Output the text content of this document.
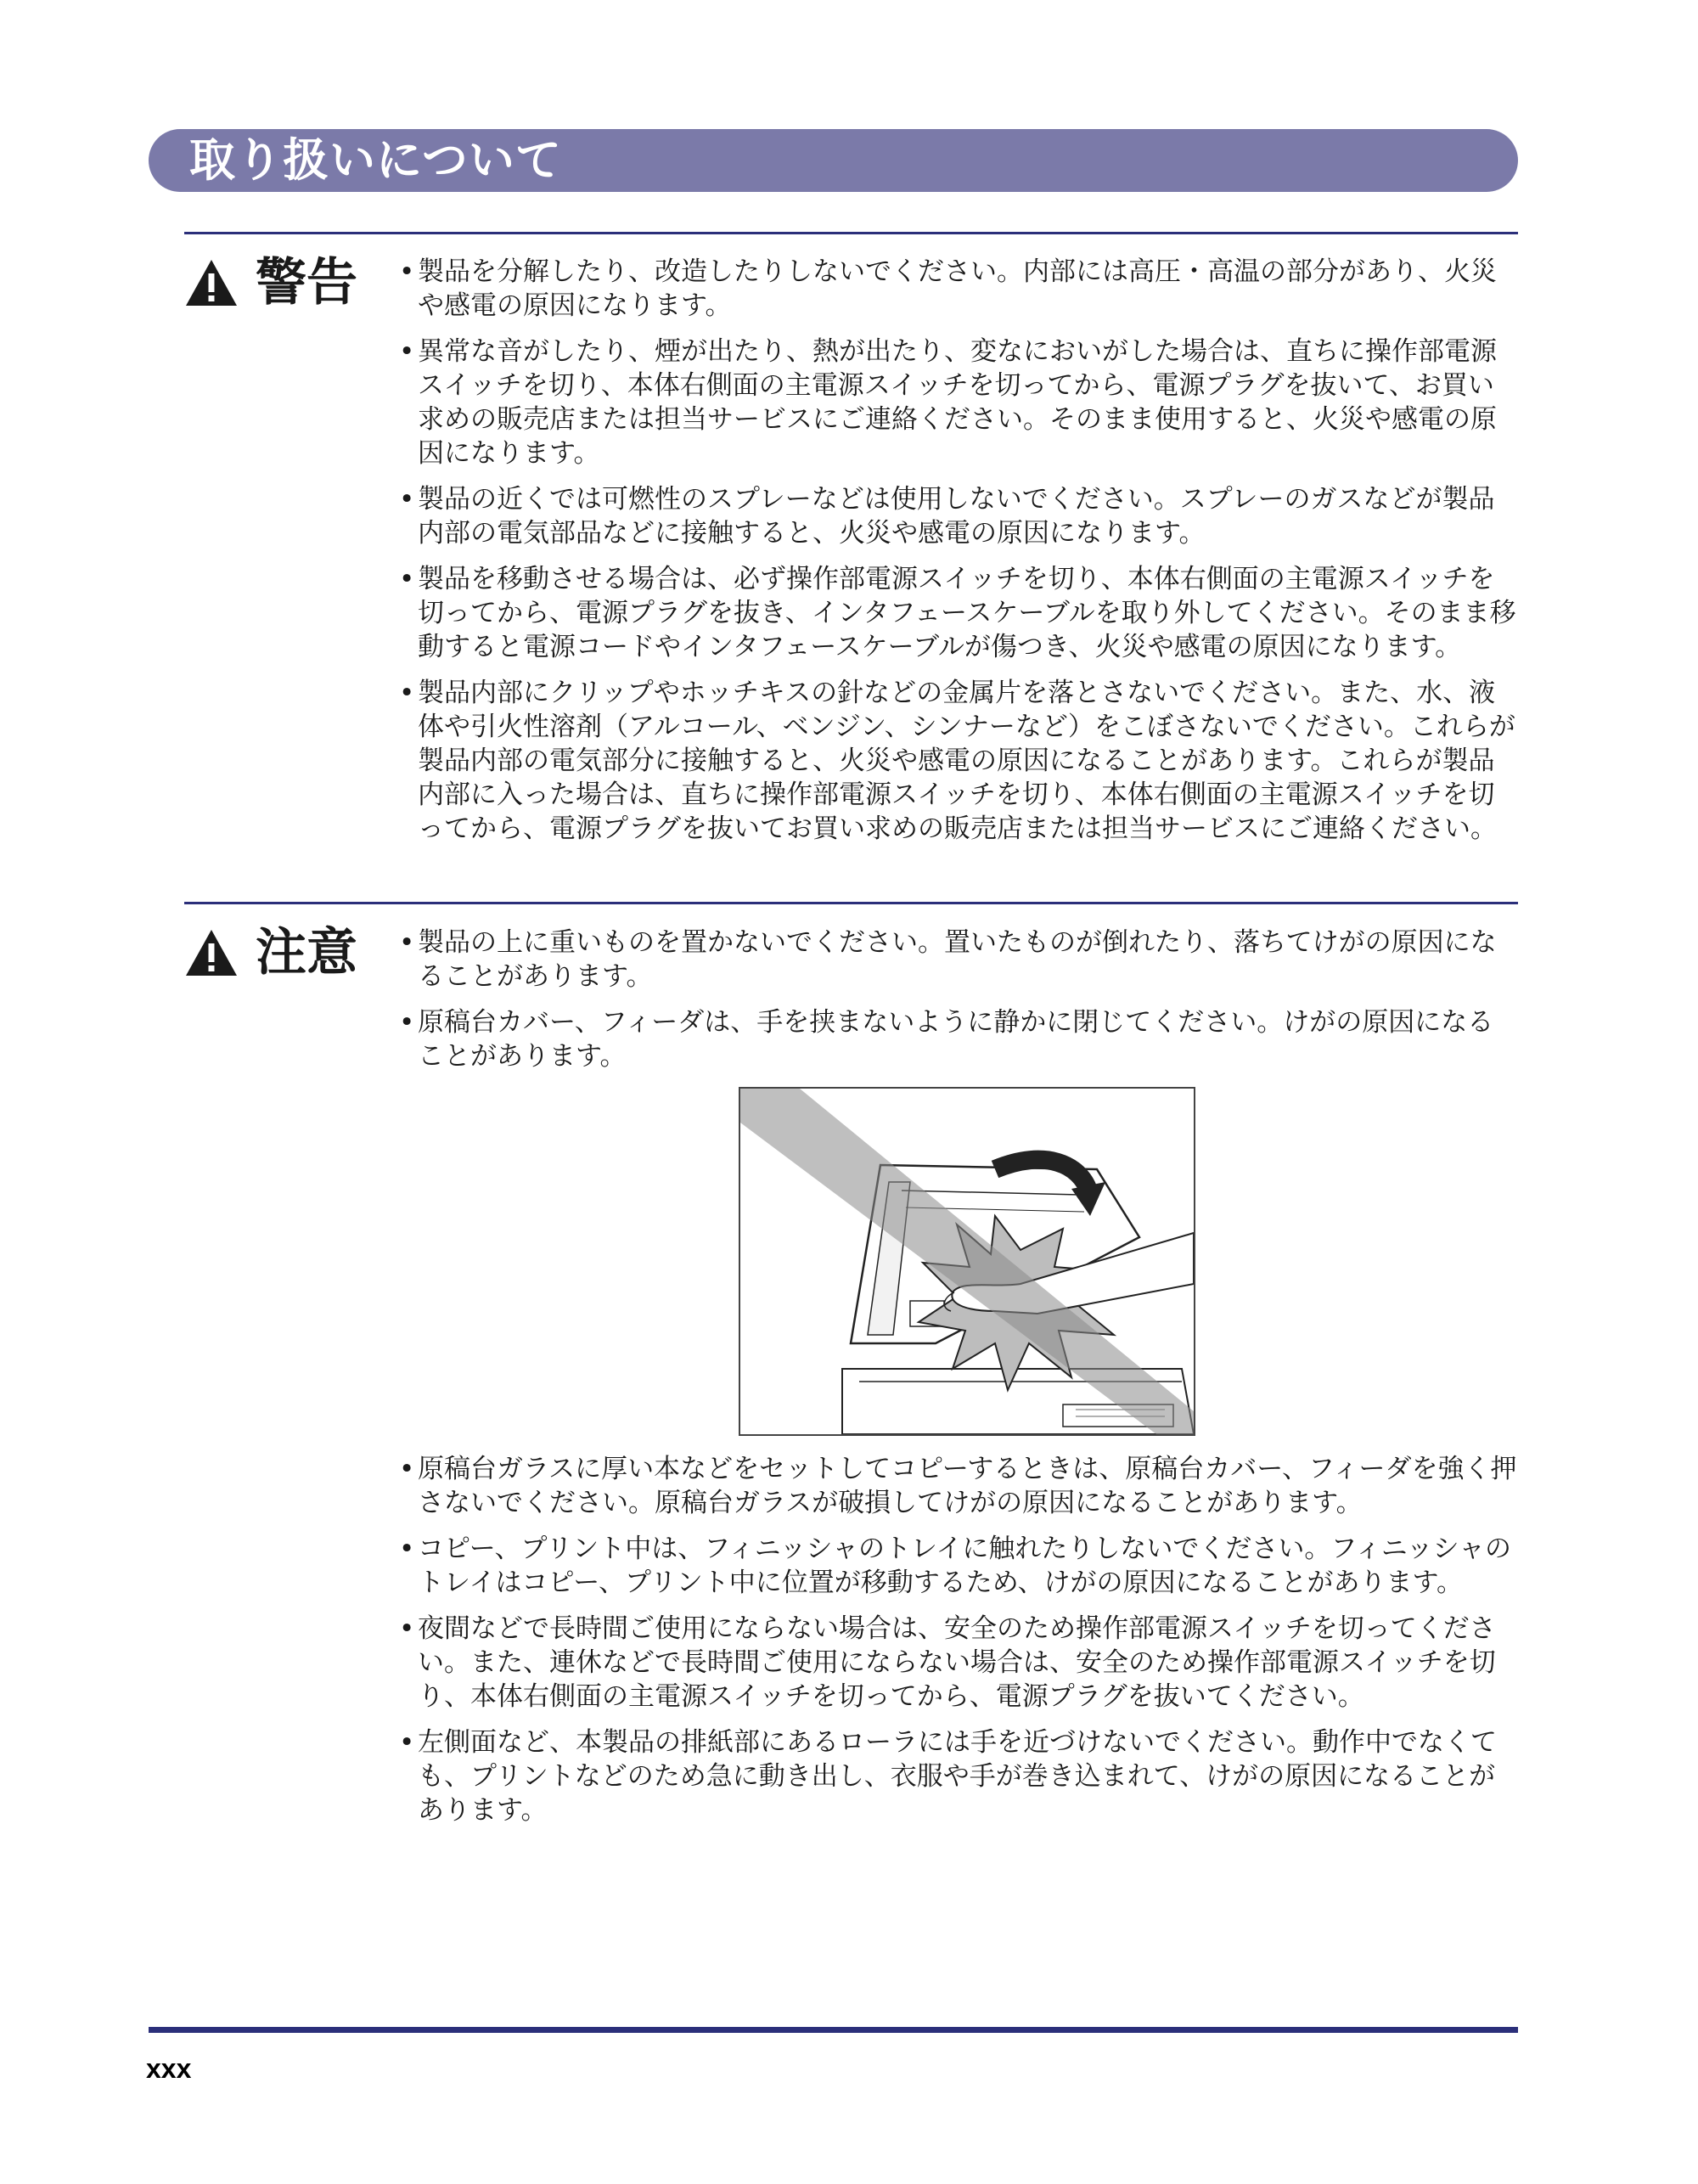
取り扱いについて
警告 • 製品を分解したり、改造したりしないでください。内部には高圧・高温の部分があり、火災や感電の原因になります。
• 異常な音がしたり、煙が出たり、熱が出たり、変なにおいがした場合は、直ちに操作部電源スイッチを切り、本体右側面の主電源スイッチを切ってから、電源プラグを抜いて、お買い求めの販売店または担当サービスにご連絡ください。そのまま使用すると、火災や感電の原因になります。
• 製品の近くでは可燃性のスプレーなどは使用しないでください。スプレーのガスなどが製品内部の電気部品などに接触すると、火災や感電の原因になります。
• 製品を移動させる場合は、必ず操作部電源スイッチを切り、本体右側面の主電源スイッチを切ってから、電源プラグを抜き、インタフェースケーブルを取り外してください。そのまま移動すると電源コードやインタフェースケーブルが傷つき、火災や感電の原因になります。
• 製品内部にクリップやホッチキスの針などの金属片を落とさないでください。また、水、液体や引火性溶剤（アルコール、ベンジン、シンナーなど）をこぼさないでください。これらが製品内部の電気部分に接触すると、火災や感電の原因になることがあります。これらが製品内部に入った場合は、直ちに操作部電源スイッチを切り、本体右側面の主電源スイッチを切ってから、電源プラグを抜いてお買い求めの販売店または担当サービスにご連絡ください。
注意 • 製品の上に重いものを置かないでください。置いたものが倒れたり、落ちてけがの原因になることがあります。
• 原稿台カバー、フィーダは、手を挟まないように静かに閉じてください。けがの原因になることがあります。
• 原稿台ガラスに厚い本などをセットしてコピーするときは、原稿台カバー、フィーダを強く押さないでください。原稿台ガラスが破損してけがの原因になることがあります。
• コピー、プリント中は、フィニッシャのトレイに触れたりしないでください。フィニッシャのトレイはコピー、プリント中に位置が移動するため、けがの原因になることがあります。
• 夜間などで長時間ご使用にならない場合は、安全のため操作部電源スイッチを切ってください。また、連休などで長時間ご使用にならない場合は、安全のため操作部電源スイッチを切り、本体右側面の主電源スイッチを切ってから、電源プラグを抜いてください。
• 左側面など、本製品の排紙部にあるローラには手を近づけないでください。動作中でなくても、プリントなどのため急に動き出し、衣服や手が巻き込まれて、けがの原因になることがあります。
xxx
